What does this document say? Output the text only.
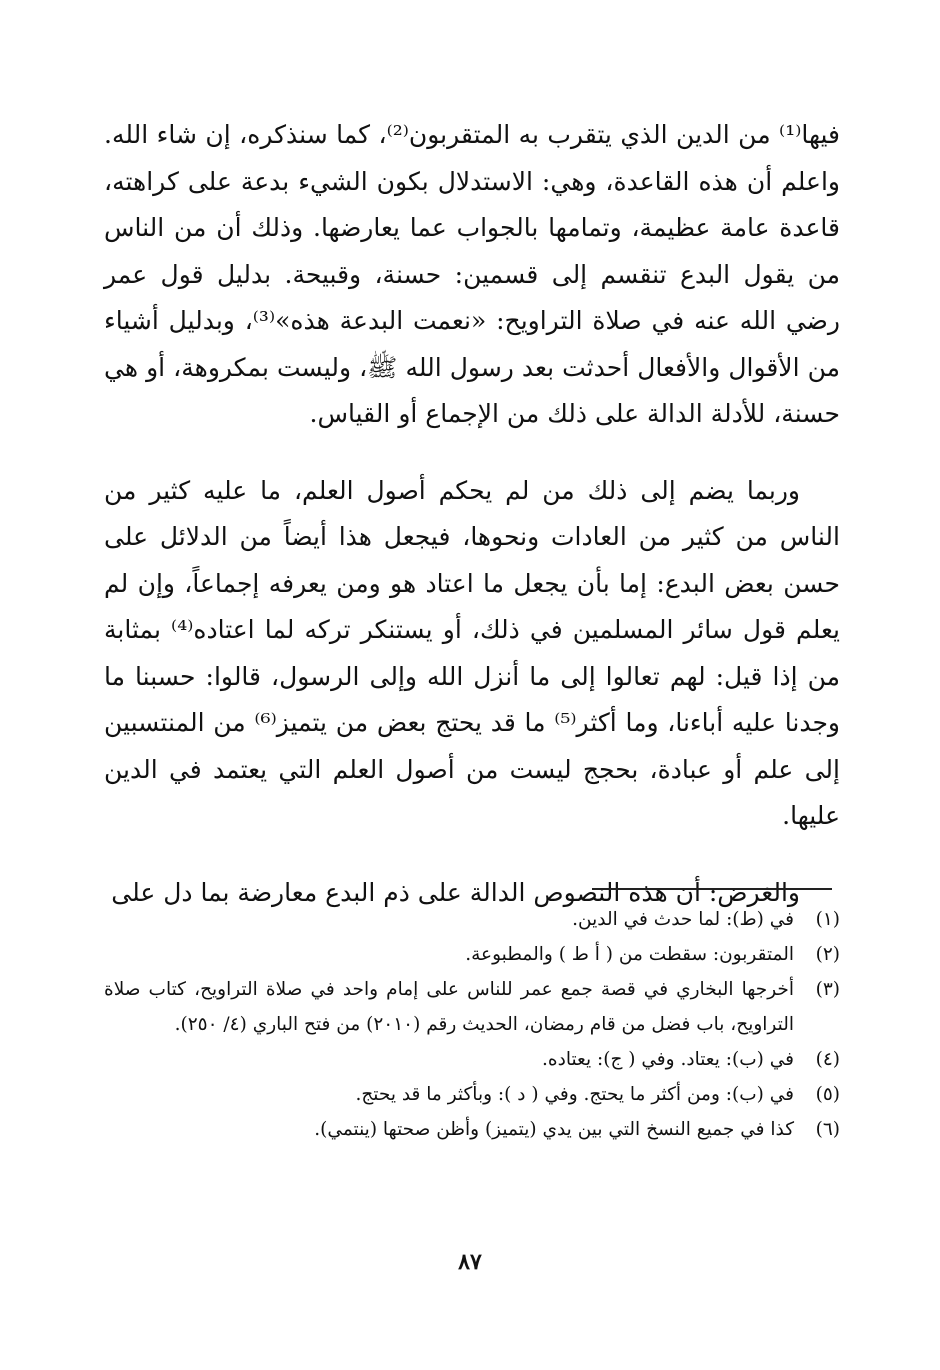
فيها⁽¹⁾ من الدين الذي يتقرب به المتقربون⁽²⁾، كما سنذكره، إن شاء الله. واعلم أن هذه القاعدة، وهي: الاستدلال بكون الشيء بدعة على كراهته، قاعدة عامة عظيمة، وتمامها بالجواب عما يعارضها. وذلك أن من الناس من يقول البدع تنقسم إلى قسمين: حسنة، وقبيحة. بدليل قول عمر رضي الله عنه في صلاة التراويح: «نعمت البدعة هذه»⁽³⁾، وبدليل أشياء من الأقوال والأفعال أحدثت بعد رسول الله ﷺ، وليست بمكروهة، أو هي حسنة، للأدلة الدالة على ذلك من الإجماع أو القياس.

وربما يضم إلى ذلك من لم يحكم أصول العلم، ما عليه كثير من الناس من كثير من العادات ونحوها، فيجعل هذا أيضاً من الدلائل على حسن بعض البدع: إما بأن يجعل ما اعتاد هو ومن يعرفه إجماعاً، وإن لم يعلم قول سائر المسلمين في ذلك، أو يستنكر تركه لما اعتاده⁽⁴⁾ بمثابة من إذا قيل: لهم تعالوا إلى ما أنزل الله وإلى الرسول، قالوا: حسبنا ما وجدنا عليه أباءنا، وما أكثر⁽⁵⁾ ما قد يحتج بعض من يتميز⁽⁶⁾ من المنتسبين إلى علم أو عبادة، بحجج ليست من أصول العلم التي يعتمد في الدين عليها.

والغرض: أن هذه النصوص الدالة على ذم البدع معارضة بما دل على

(١)
في (ط): لما حدث في الدين.
(٢)
المتقربون: سقطت من ( أ ط ) والمطبوعة.
(٣)
أخرجها البخاري في قصة جمع عمر للناس على إمام واحد في صلاة التراويح، كتاب صلاة التراويح، باب فضل من قام رمضان، الحديث رقم (٢٠١٠) من فتح الباري (٤/ ٢٥٠).
(٤)
في (ب): يعتاد. وفي ( ج): يعتاده.
(٥)
في (ب): ومن أكثر ما يحتج. وفي ( د ): وبأكثر ما قد يحتج.
(٦)
كذا في جميع النسخ التي بين يدي (يتميز) وأظن صحتها (ينتمي).
٨٧
